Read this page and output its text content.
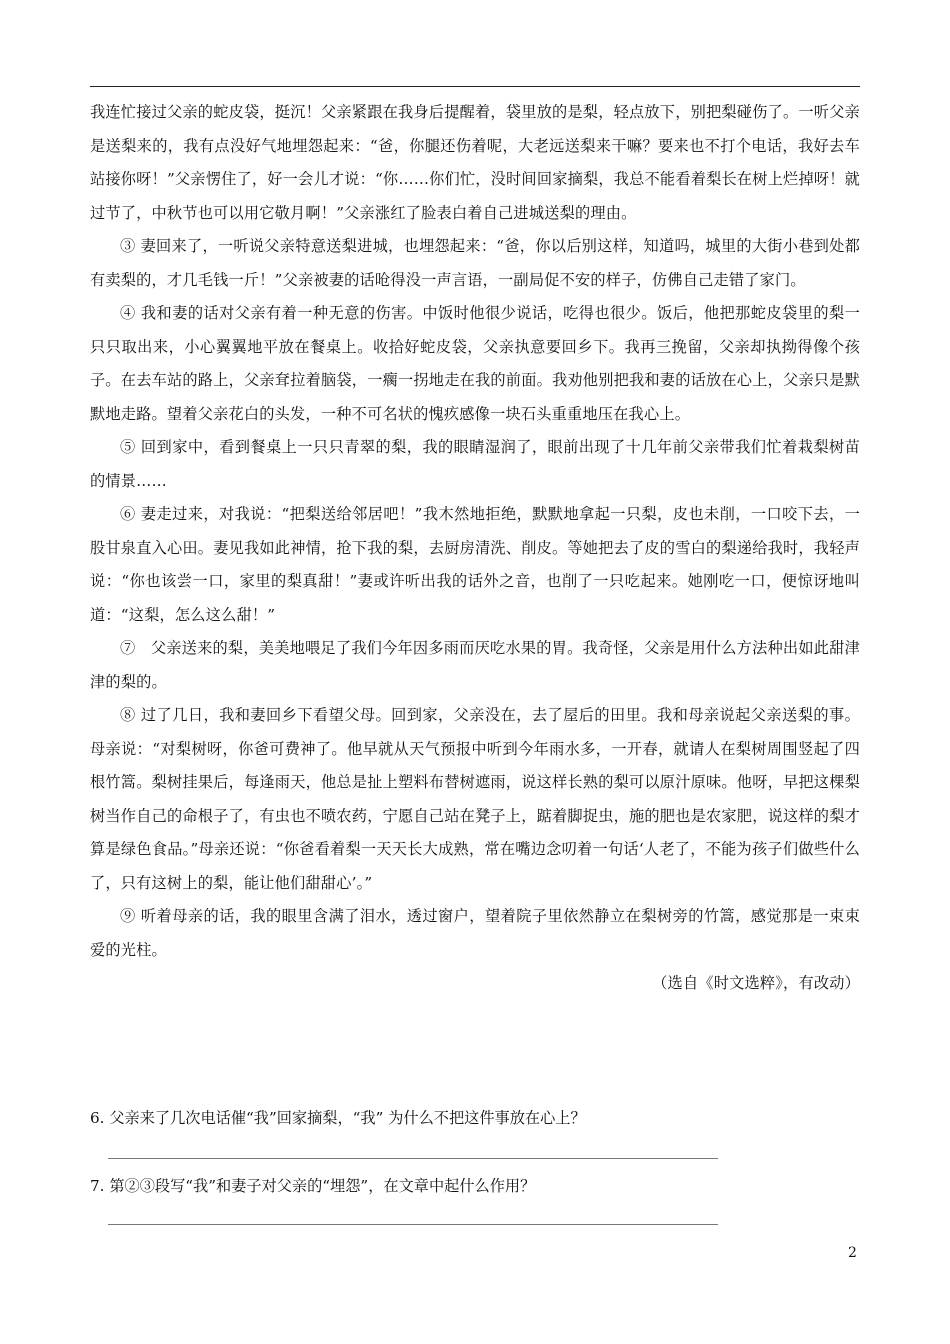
我连忙接过父亲的蛇皮袋，挺沉！父亲紧跟在我身后提醒着，袋里放的是梨，轻点放下，别把梨碰伤了。一听父亲是送梨来的，我有点没好气地埋怨起来：“爸，你腿还伤着呢，大老远送梨来干嘛？要来也不打个电话，我好去车站接你呀！”父亲愣住了，好一会儿才说：“你……你们忙，没时间回家摘梨，我总不能看着梨长在树上烂掉呀！就过节了，中秋节也可以用它敬月啊！”父亲涨红了脸表白着自己进城送梨的理由。

③ 妻回来了，一听说父亲特意送梨进城，也埋怨起来：“爸，你以后别这样，知道吗，城里的大街小巷到处都有卖梨的，才几毛钱一斤！”父亲被妻的话呛得没一声言语，一副局促不安的样子，仿佛自己走错了家门。

④ 我和妻的话对父亲有着一种无意的伤害。中饭时他很少说话，吃得也很少。饭后，他把那蛇皮袋里的梨一只只取出来，小心翼翼地平放在餐桌上。收拾好蛇皮袋，父亲执意要回乡下。我再三挽留，父亲却执拗得像个孩子。在去车站的路上，父亲耷拉着脑袋，一瘸一拐地走在我的前面。我劝他别把我和妻的话放在心上，父亲只是默默地走路。望着父亲花白的头发，一种不可名状的愧疚感像一块石头重重地压在我心上。

⑤ 回到家中，看到餐桌上一只只青翠的梨，我的眼睛湿润了，眼前出现了十几年前父亲带我们忙着栽梨树苗的情景……

⑥ 妻走过来，对我说：“把梨送给邻居吧！”我木然地拒绝，默默地拿起一只梨，皮也未削，一口咬下去，一股甘泉直入心田。妻见我如此神情，抢下我的梨，去厨房清洗、削皮。等她把去了皮的雪白的梨递给我时，我轻声说：“你也该尝一口，家里的梨真甜！”妻或许听出我的话外之音，也削了一只吃起来。她刚吃一口，便惊讶地叫道：“这梨，怎么这么甜！”

⑦　父亲送来的梨，美美地喂足了我们今年因多雨而厌吃水果的胃。我奇怪，父亲是用什么方法种出如此甜津津的梨的。

⑧ 过了几日，我和妻回乡下看望父母。回到家，父亲没在，去了屋后的田里。我和母亲说起父亲送梨的事。母亲说：“对梨树呀，你爸可费神了。他早就从天气预报中听到今年雨水多，一开春，就请人在梨树周围竖起了四根竹篙。梨树挂果后，每逢雨天，他总是扯上塑料布替树遮雨，说这样长熟的梨可以原汁原味。他呀，早把这棵梨树当作自己的命根子了，有虫也不喷农药，宁愿自己站在凳子上，踮着脚捉虫，施的肥也是农家肥，说这样的梨才算是绿色食品。”母亲还说：“你爸看着梨一天天长大成熟，常在嘴边念叨着一句话‘人老了，不能为孩子们做些什么了，只有这树上的梨，能让他们甜甜心’。”

⑨ 听着母亲的话，我的眼里含满了泪水，透过窗户，望着院子里依然静立在梨树旁的竹篙，感觉那是一束束爱的光柱。

（选自《时文选粹》，有改动）

6. 父亲来了几次电话催“我”回家摘梨，“我” 为什么不把这件事放在心上？
7. 第②③段写“我”和妻子对父亲的“埋怨”，在文章中起什么作用？
2
